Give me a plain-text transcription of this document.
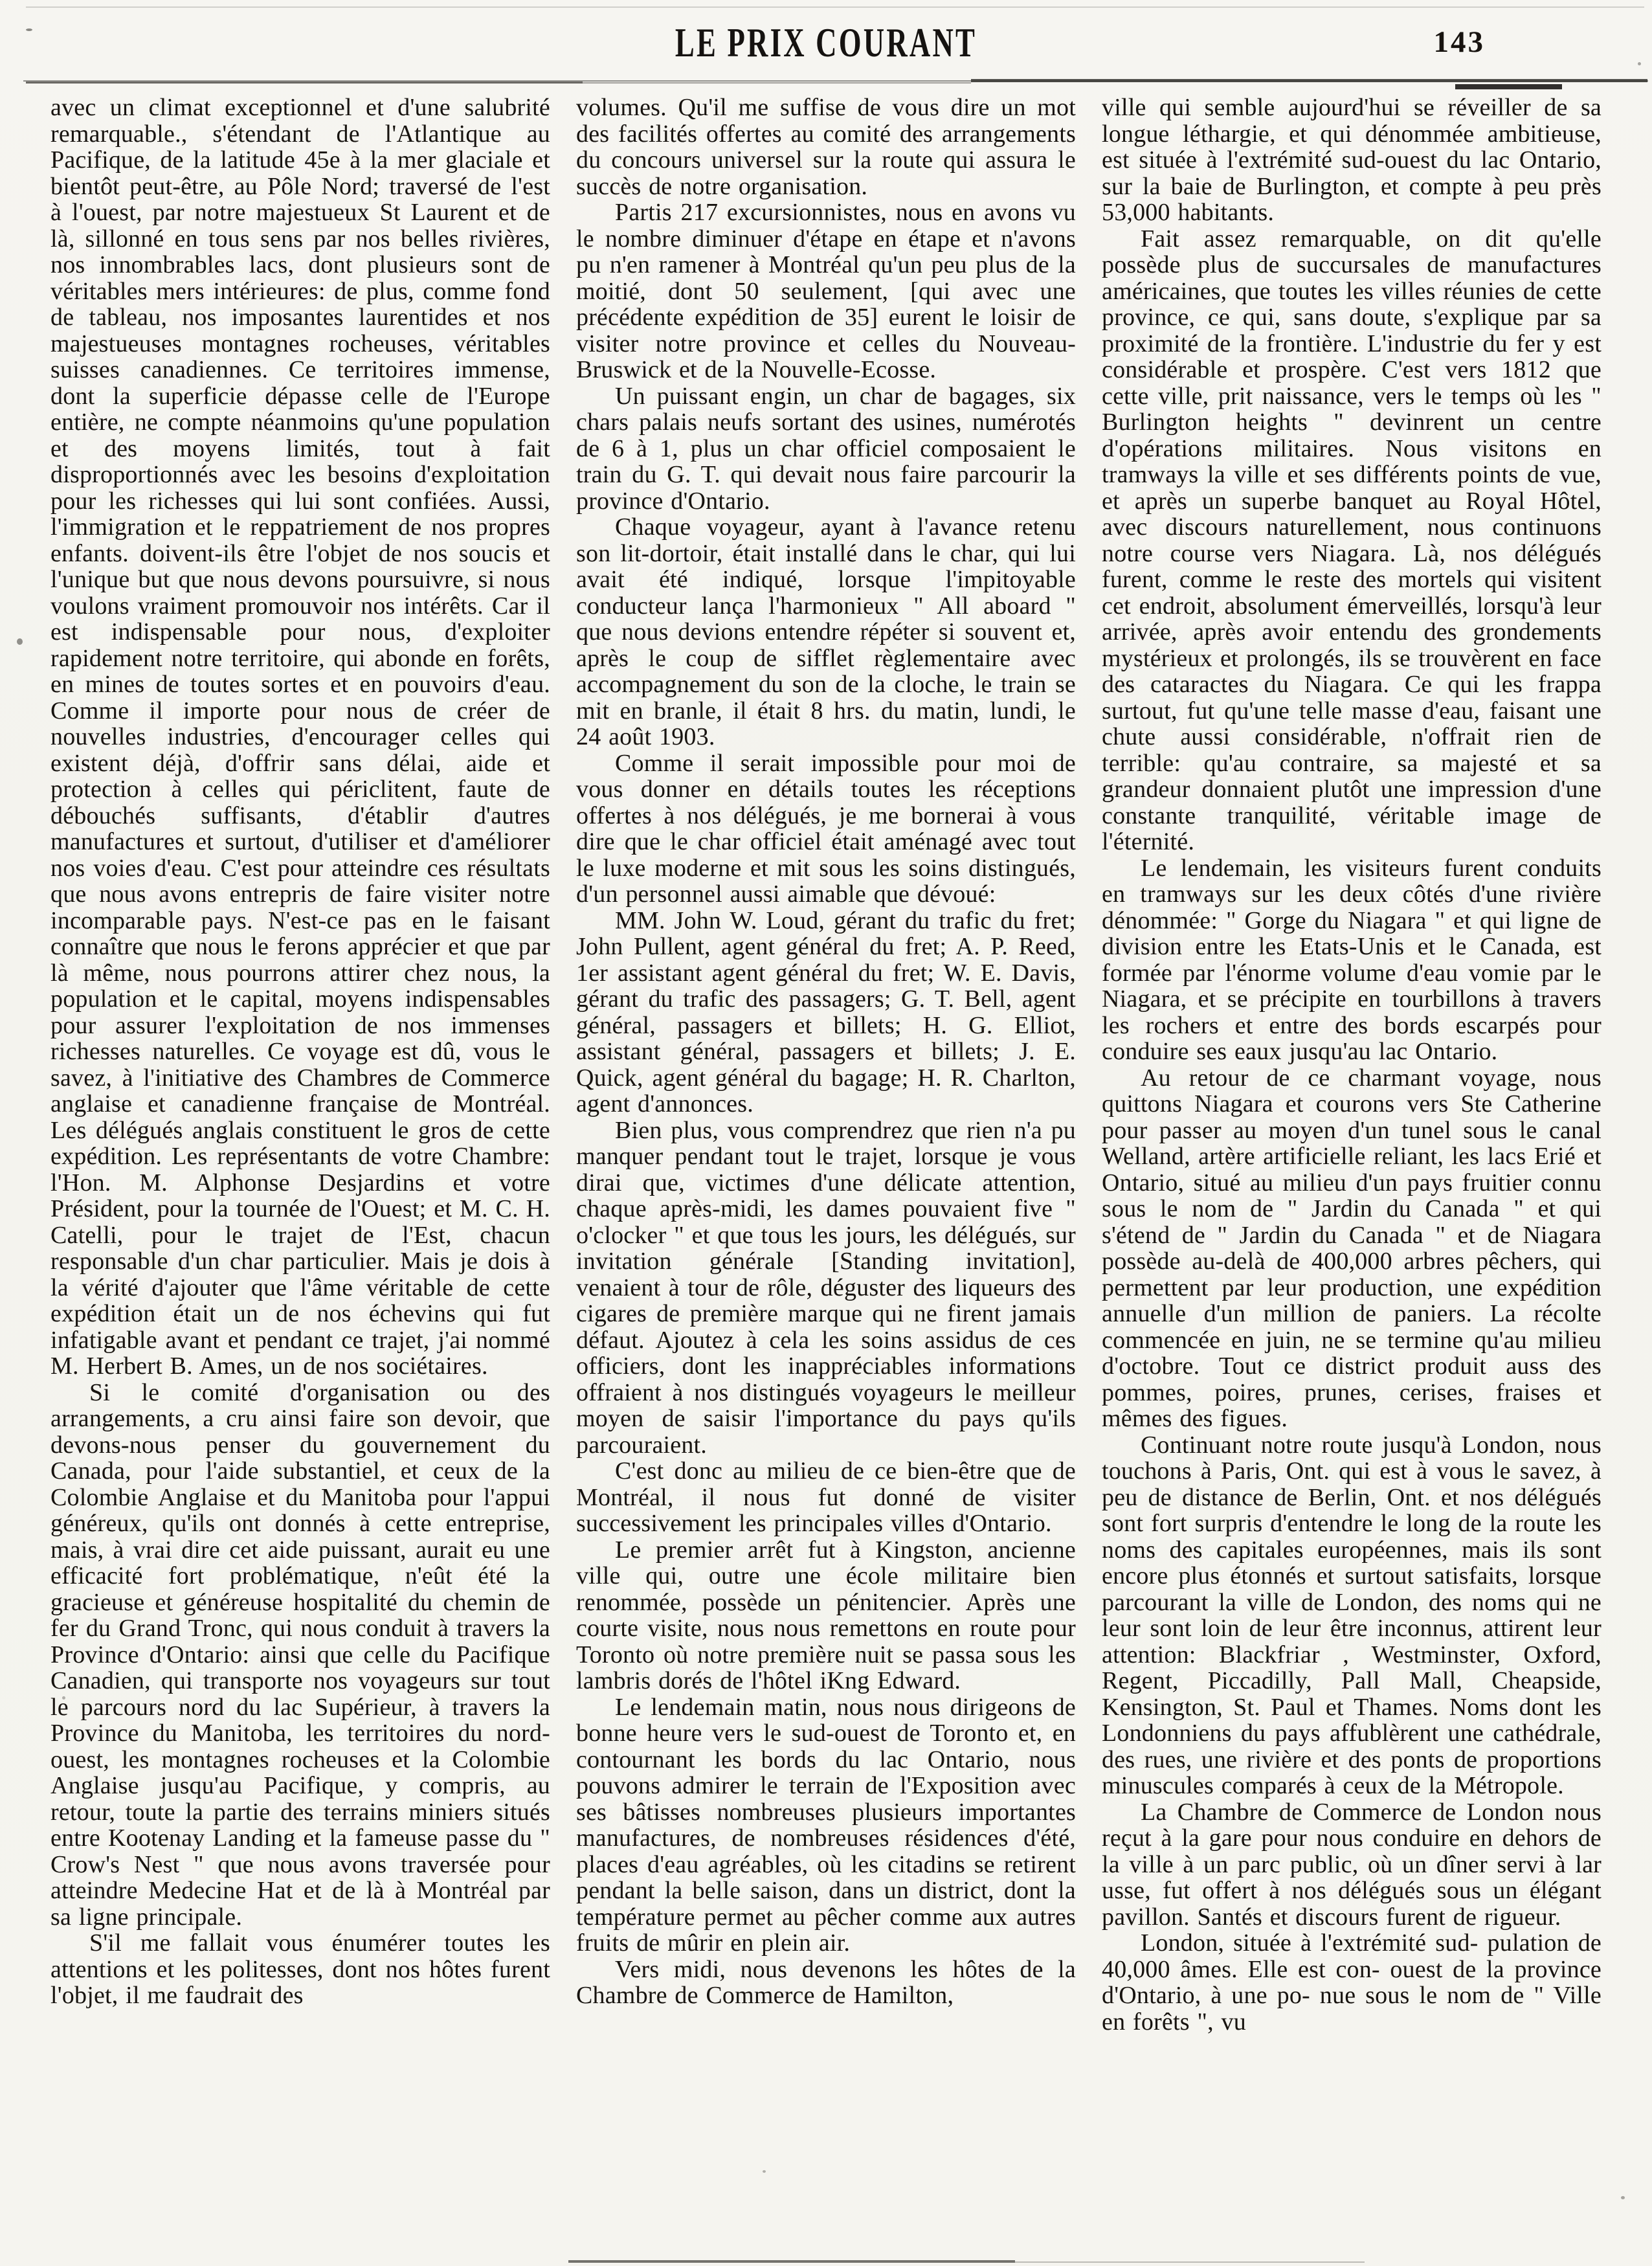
LE PRIX COURANT	143

avec un climat exceptionnel et d'une salubrité remarquable., s'étendant de l'Atlantique au Pacifique, de la latitude 45e à la mer glaciale et bientôt peut-être, au Pôle Nord; traversé de l'est à l'ouest, par notre majestueux St Laurent et de là, sillonné en tous sens par nos belles rivières, nos innombrables lacs, dont plusieurs sont de véritables mers intérieures: de plus, comme fond de tableau, nos imposantes laurentides et nos majestueuses montagnes rocheuses, véritables suisses canadiennes. Ce territoires immense, dont la superficie dépasse celle de l'Europe entière, ne compte néanmoins qu'une population et des moyens limités, tout à fait disproportionnés avec les besoins d'exploitation pour les richesses qui lui sont confiées. Aussi, l'immigration et le reppatriement de nos propres enfants. doivent-ils être l'objet de nos soucis et l'unique but que nous devons poursuivre, si nous voulons vraiment promouvoir nos intérêts. Car il est indispensable pour nous, d'exploiter rapidement notre territoire, qui abonde en forêts, en mines de toutes sortes et en pouvoirs d'eau. Comme il importe pour nous de créer de nouvelles industries, d'encourager celles qui existent déjà, d'offrir sans délai, aide et protection à celles qui périclitent, faute de débouchés suffisants, d'établir d'autres manufactures et surtout, d'utiliser et d'améliorer nos voies d'eau. C'est pour atteindre ces résultats que nous avons entrepris de faire visiter notre incomparable pays. N'est-ce pas en le faisant connaître que nous le ferons apprécier et que par là même, nous pourrons attirer chez nous, la population et le capital, moyens indispensables pour assurer l'exploitation de nos immenses richesses naturelles. Ce voyage est dû, vous le savez, à l'initiative des Chambres de Commerce anglaise et canadienne française de Montréal. Les délégués anglais constituent le gros de cette expédition. Les représentants de votre Chambre: l'Hon. M. Alphonse Desjardins et votre Président, pour la tournée de l'Ouest; et M. C. H. Catelli, pour le trajet de l'Est, chacun responsable d'un char particulier. Mais je dois à la vérité d'ajouter que l'âme véritable de cette expédition était un de nos échevins qui fut infatigable avant et pendant ce trajet, j'ai nommé M. Herbert B. Ames, un de nos sociétaires.

Si le comité d'organisation ou des arrangements, a cru ainsi faire son devoir, que devons-nous penser du gouvernement du Canada, pour l'aide substantiel, et ceux de la Colombie Anglaise et du Manitoba pour l'appui généreux, qu'ils ont donnés à cette entreprise, mais, à vrai dire cet aide puissant, aurait eu une efficacité fort problématique, n'eût été la gracieuse et généreuse hospitalité du chemin de fer du Grand Tronc, qui nous conduit à travers la Province d'Ontario: ainsi que celle du Pacifique Canadien, qui transporte nos voyageurs sur tout le parcours nord du lac Supérieur, à travers la Province du Manitoba, les territoires du nord-ouest, les montagnes rocheuses et la Colombie Anglaise jusqu'au Pacifique, y compris, au retour, toute la partie des terrains miniers situés entre Kootenay Landing et la fameuse passe du " Crow's Nest " que nous avons traversée pour atteindre Medecine Hat et de là à Montréal par sa ligne principale.

S'il me fallait vous énumérer toutes les attentions et les politesses, dont nos hôtes furent l'objet, il me faudrait des

volumes. Qu'il me suffise de vous dire un mot des facilités offertes au comité des arrangements du concours universel sur la route qui assura le succès de notre organisation.

Partis 217 excursionnistes, nous en avons vu le nombre diminuer d'étape en étape et n'avons pu n'en ramener à Montréal qu'un peu plus de la moitié, dont 50 seulement, [qui avec une précédente expédition de 35] eurent le loisir de visiter notre province et celles du Nouveau-Bruswick et de la Nouvelle-Ecosse.

Un puissant engin, un char de bagages, six chars palais neufs sortant des usines, numérotés de 6 à 1, plus un char officiel composaient le train du G. T. qui devait nous faire parcourir la province d'Ontario.

Chaque voyageur, ayant à l'avance retenu son lit-dortoir, était installé dans le char, qui lui avait été indiqué, lorsque l'impitoyable conducteur lança l'harmonieux " All aboard " que nous devions entendre répéter si souvent et, après le coup de sifflet règlementaire avec accompagnement du son de la cloche, le train se mit en branle, il était 8 hrs. du matin, lundi, le 24 août 1903.

Comme il serait impossible pour moi de vous donner en détails toutes les réceptions offertes à nos délégués, je me bornerai à vous dire que le char officiel était aménagé avec tout le luxe moderne et mit sous les soins distingués, d'un personnel aussi aimable que dévoué:

MM. John W. Loud, gérant du trafic du fret; John Pullent, agent général du fret; A. P. Reed, 1er assistant agent général du fret; W. E. Davis, gérant du trafic des passagers; G. T. Bell, agent général, passagers et billets; H. G. Elliot, assistant général, passagers et billets; J. E. Quick, agent général du bagage; H. R. Charlton, agent d'annonces.

Bien plus, vous comprendrez que rien n'a pu manquer pendant tout le trajet, lorsque je vous dirai que, victimes d'une délicate attention, chaque après-midi, les dames pouvaient five " o'clocker " et que tous les jours, les délégués, sur invitation générale [Standing invitation], venaient à tour de rôle, déguster des liqueurs des cigares de première marque qui ne firent jamais défaut. Ajoutez à cela les soins assidus de ces officiers, dont les inappréciables informations offraient à nos distingués voyageurs le meilleur moyen de saisir l'importance du pays qu'ils parcouraient.

C'est donc au milieu de ce bien-être que de Montréal, il nous fut donné de visiter successivement les principales villes d'Ontario.

Le premier arrêt fut à Kingston, ancienne ville qui, outre une école militaire bien renommée, possède un pénitencier. Après une courte visite, nous nous remettons en route pour Toronto où notre première nuit se passa sous les lambris dorés de l'hôtel iKng Edward.

Le lendemain matin, nous nous dirigeons de bonne heure vers le sud-ouest de Toronto et, en contournant les bords du lac Ontario, nous pouvons admirer le terrain de l'Exposition avec ses bâtisses nombreuses plusieurs importantes manufactures, de nombreuses résidences d'été, places d'eau agréables, où les citadins se retirent pendant la belle saison, dans un district, dont la température permet au pêcher comme aux autres fruits de mûrir en plein air.

Vers midi, nous devenons les hôtes de la Chambre de Commerce de Hamilton,

ville qui semble aujourd'hui se réveiller de sa longue léthargie, et qui dénommée ambitieuse, est située à l'extrémité sud-ouest du lac Ontario, sur la baie de Burlington, et compte à peu près 53,000 habitants.

Fait assez remarquable, on dit qu'elle possède plus de succursales de manufactures américaines, que toutes les villes réunies de cette province, ce qui, sans doute, s'explique par sa proximité de la frontière. L'industrie du fer y est considérable et prospère. C'est vers 1812 que cette ville, prit naissance, vers le temps où les " Burlington heights " devinrent un centre d'opérations militaires. Nous visitons en tramways la ville et ses différents points de vue, et après un superbe banquet au Royal Hôtel, avec discours naturellement, nous continuons notre course vers Niagara. Là, nos délégués furent, comme le reste des mortels qui visitent cet endroit, absolument émerveillés, lorsqu'à leur arrivée, après avoir entendu des grondements mystérieux et prolongés, ils se trouvèrent en face des cataractes du Niagara. Ce qui les frappa surtout, fut qu'une telle masse d'eau, faisant une chute aussi considérable, n'offrait rien de terrible: qu'au contraire, sa majesté et sa grandeur donnaient plutôt une impression d'une constante tranquilité, véritable image de l'éternité.

Le lendemain, les visiteurs furent conduits en tramways sur les deux côtés d'une rivière dénommée: " Gorge du Niagara " et qui ligne de division entre les Etats-Unis et le Canada, est formée par l'énorme volume d'eau vomie par le Niagara, et se précipite en tourbillons à travers les rochers et entre des bords escarpés pour conduire ses eaux jusqu'au lac Ontario.

Au retour de ce charmant voyage, nous quittons Niagara et courons vers Ste Catherine pour passer au moyen d'un tunel sous le canal Welland, artère artificielle reliant, les lacs Erié et Ontario, situé au milieu d'un pays fruitier connu sous le nom de " Jardin du Canada " et qui s'étend de " Jardin du Canada " et de Niagara possède au-delà de 400,000 arbres pêchers, qui permettent par leur production, une expédition annuelle d'un million de paniers. La récolte commencée en juin, ne se termine qu'au milieu d'octobre. Tout ce district produit auss des pommes, poires, prunes, cerises, fraises et mêmes des figues.

Continuant notre route jusqu'à London, nous touchons à Paris, Ont. qui est à vous le savez, à peu de distance de Berlin, Ont. et nos délégués sont fort surpris d'entendre le long de la route les noms des capitales européennes, mais ils sont encore plus étonnés et surtout satisfaits, lorsque parcourant la ville de London, des noms qui ne leur sont loin de leur être inconnus, attirent leur attention: Blackfriar , Westminster, Oxford, Regent, Piccadilly, Pall Mall, Cheapside, Kensington, St. Paul et Thames. Noms dont les Londonniens du pays affublèrent une cathédrale, des rues, une rivière et des ponts de proportions minuscules comparés à ceux de la Métropole.

La Chambre de Commerce de London nous reçut à la gare pour nous conduire en dehors de la ville à un parc public, où un dîner servi à lar usse, fut offert à nos délégués sous un élégant pavillon. Santés et discours furent de rigueur.

London, située à l'extrémité sud- pulation de 40,000 âmes. Elle est con- ouest de la province d'Ontario, à une po- nue sous le nom de " Ville en forêts ", vu
